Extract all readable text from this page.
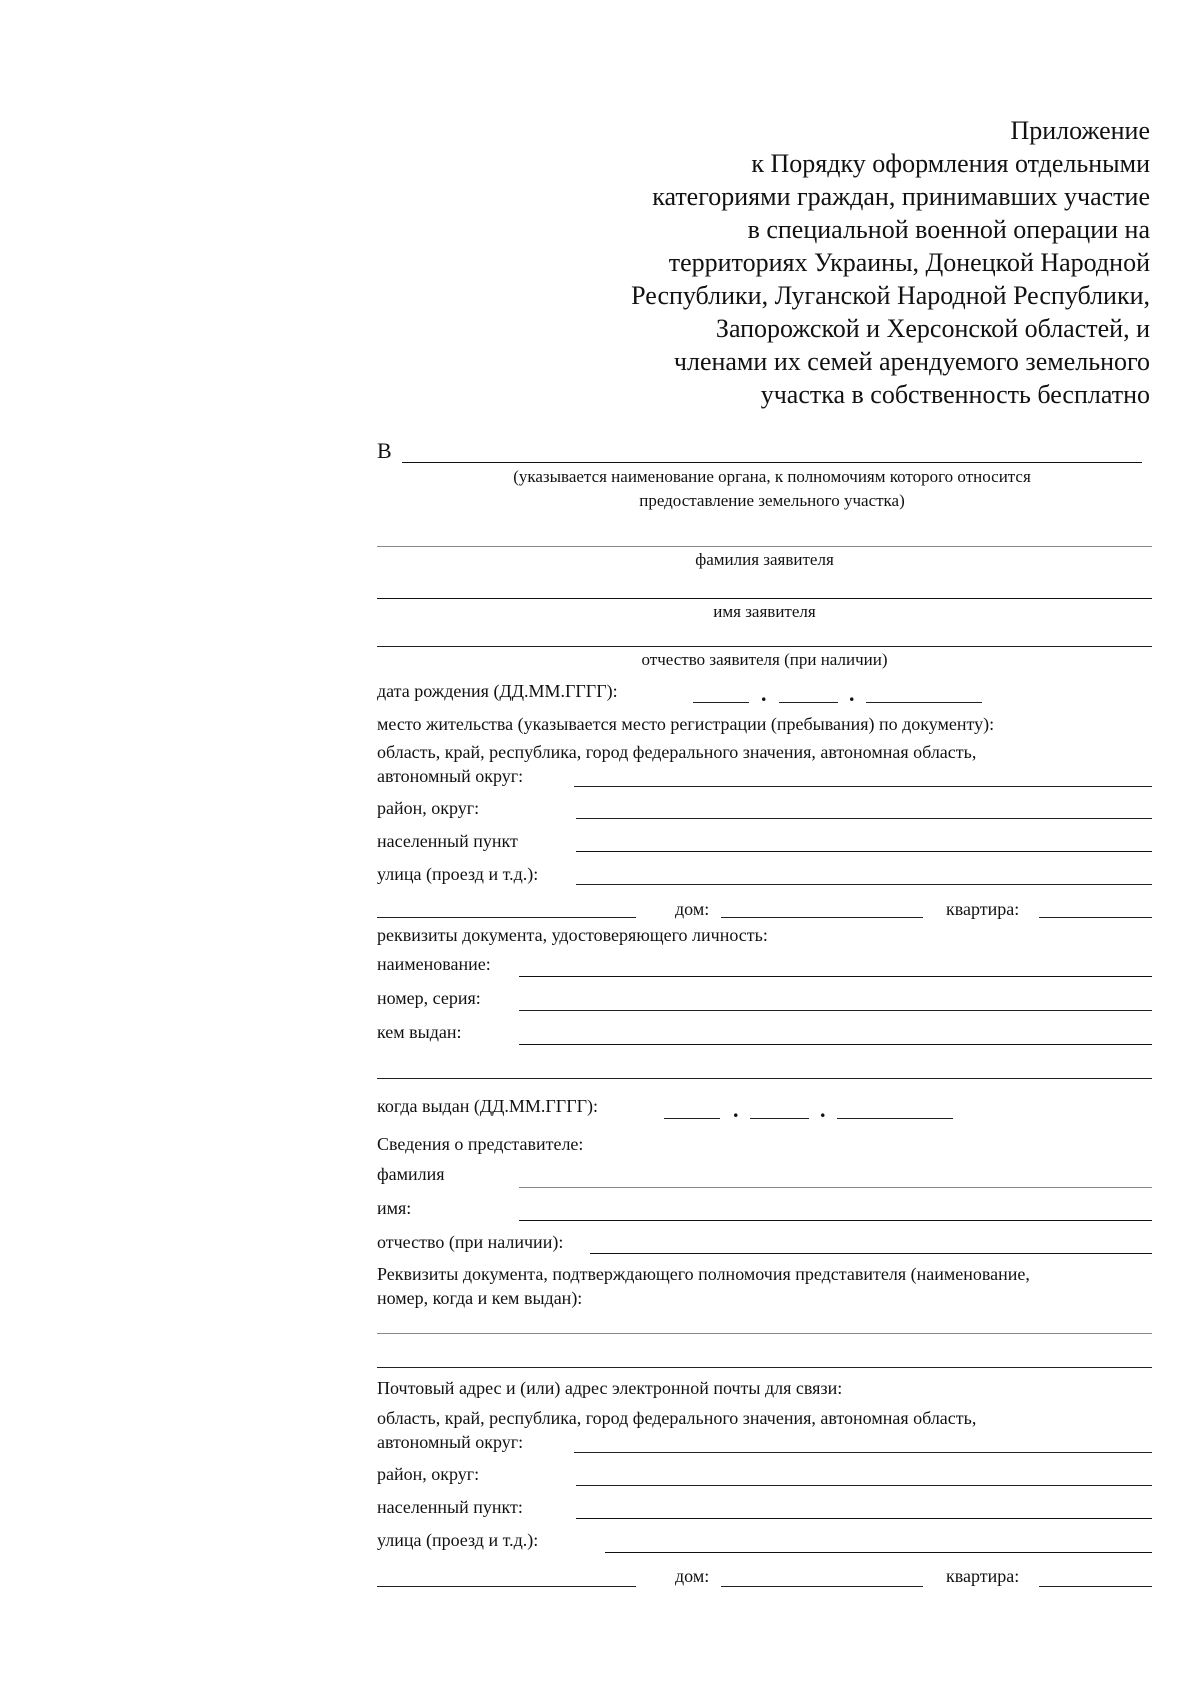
Приложение
к Порядку оформления отдельными
категориями граждан, принимавших участие
в специальной военной операции на
территориях Украины, Донецкой Народной
Республики, Луганской Народной Республики,
Запорожской и Херсонской областей, и
членами их семей арендуемого земельного
участка в собственность бесплатно
В
(указывается наименование органа, к полномочиям которого относится
предоставление земельного участка)
фамилия заявителя
имя заявителя
отчество заявителя (при наличии)
дата рождения (ДД.ММ.ГГГГ):	.	.
место жительства (указывается место регистрации (пребывания) по документу):
область, край, республика, город федерального значения, автономная область,
автономный округ:
район, округ:
населенный пункт
улица (проезд и т.д.):
дом:	квартира:
реквизиты документа, удостоверяющего личность:
наименование:
номер, серия:
кем выдан:
когда выдан (ДД.ММ.ГГГГ):	.	.
Сведения о представителе:
фамилия
имя:
отчество (при наличии):
Реквизиты документа, подтверждающего полномочия представителя (наименование,
номер, когда и кем выдан):
Почтовый адрес и (или) адрес электронной почты для связи:
область, край, республика, город федерального значения, автономная область,
автономный округ:
район, округ:
населенный пункт:
улица (проезд и т.д.):
дом:	квартира:
